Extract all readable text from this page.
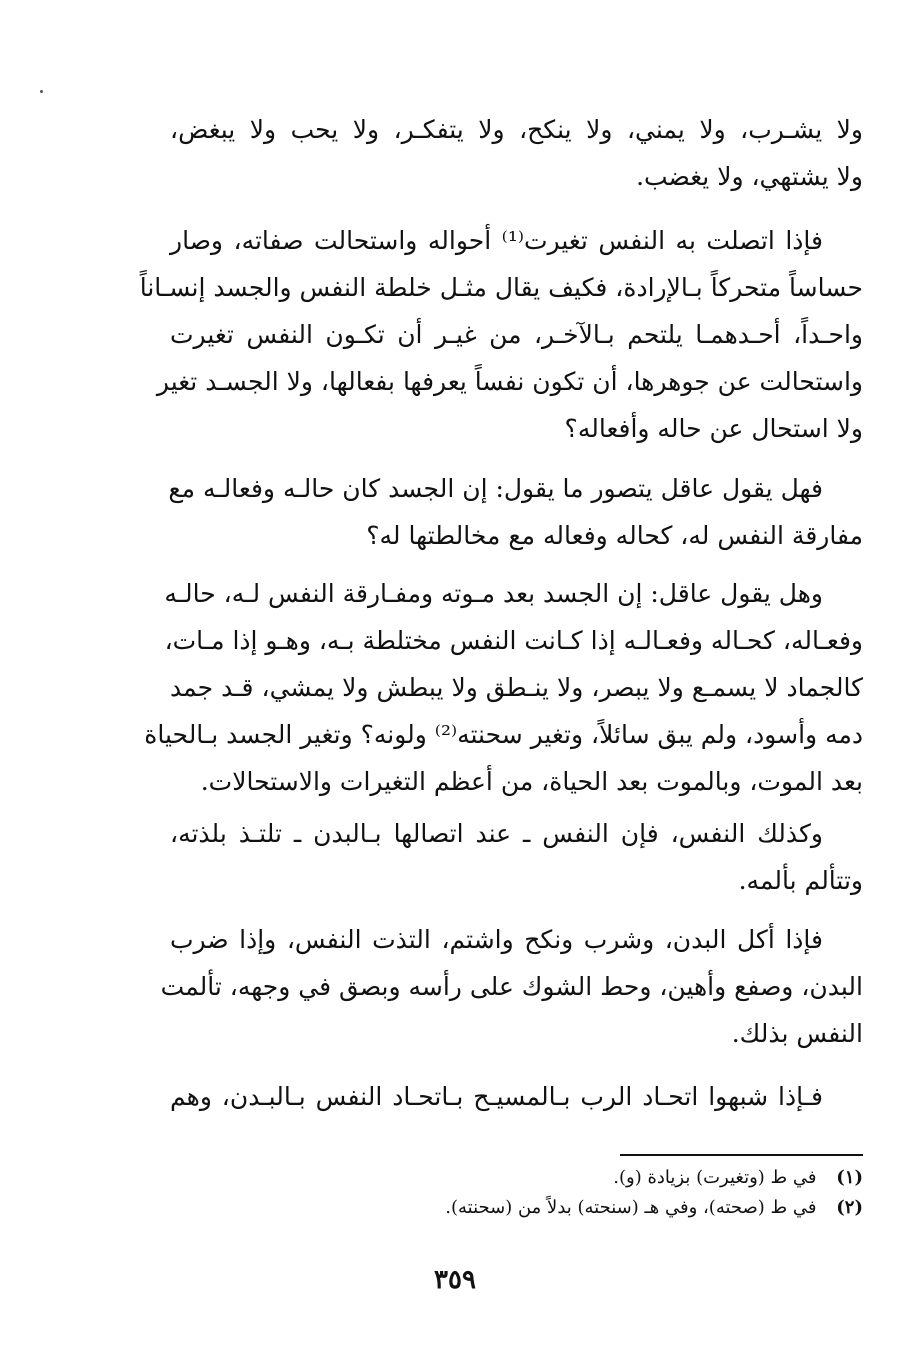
ولا يشـرب، ولا يمني، ولا ينكح، ولا يتفكـر، ولا يحب ولا يبغض،
ولا يشتهي، ولا يغضب.
فإذا اتصلت به النفس تغيرت⁽¹⁾ أحواله واستحالت صفاته، وصار
حساساً متحركاً بـالإرادة، فكيف يقال مثـل خلطة النفس والجسد إنسـاناً
واحـداً، أحـدهمـا يلتحم بـالآخـر، من غيـر أن تكـون النفس تغيرت
واستحالت عن جوهرها، أن تكون نفساً يعرفها بفعالها، ولا الجسـد تغير
ولا استحال عن حاله وأفعاله؟
فهل يقول عاقل يتصور ما يقول: إن الجسد كان حالـه وفعالـه مع
مفارقة النفس له، كحاله وفعاله مع مخالطتها له؟
وهل يقول عاقل: إن الجسد بعد مـوته ومفـارقة النفس لـه، حالـه
وفعـاله، كحـاله وفعـالـه إذا كـانت النفس مختلطة بـه، وهـو إذا مـات،
كالجماد لا يسمـع ولا يبصر، ولا ينـطق ولا يبطش ولا يمشي، قـد جمد
دمه وأسود، ولم يبق سائلاً، وتغير سحنته⁽²⁾ ولونه؟ وتغير الجسد بـالحياة
بعد الموت، وبالموت بعد الحياة، من أعظم التغيرات والاستحالات.
وكذلك النفس، فإن النفس ـ عند اتصالها بـالبدن ـ تلتـذ بلذته،
وتتألم بألمه.
فإذا أكل البدن، وشرب ونكح واشتم، التذت النفس، وإذا ضرب
البدن، وصفع وأهين، وحط الشوك على رأسه وبصق في وجهه، تألمت
النفس بذلك.
فـإذا شبهوا اتحـاد الرب بـالمسيـح بـاتحـاد النفس بـالبـدن، وهم
(١) في ط (وتغيرت) بزيادة (و).
(٢) في ط (صحته)، وفي هـ (سنحته) بدلاً من (سحنته).
٣٥٩
